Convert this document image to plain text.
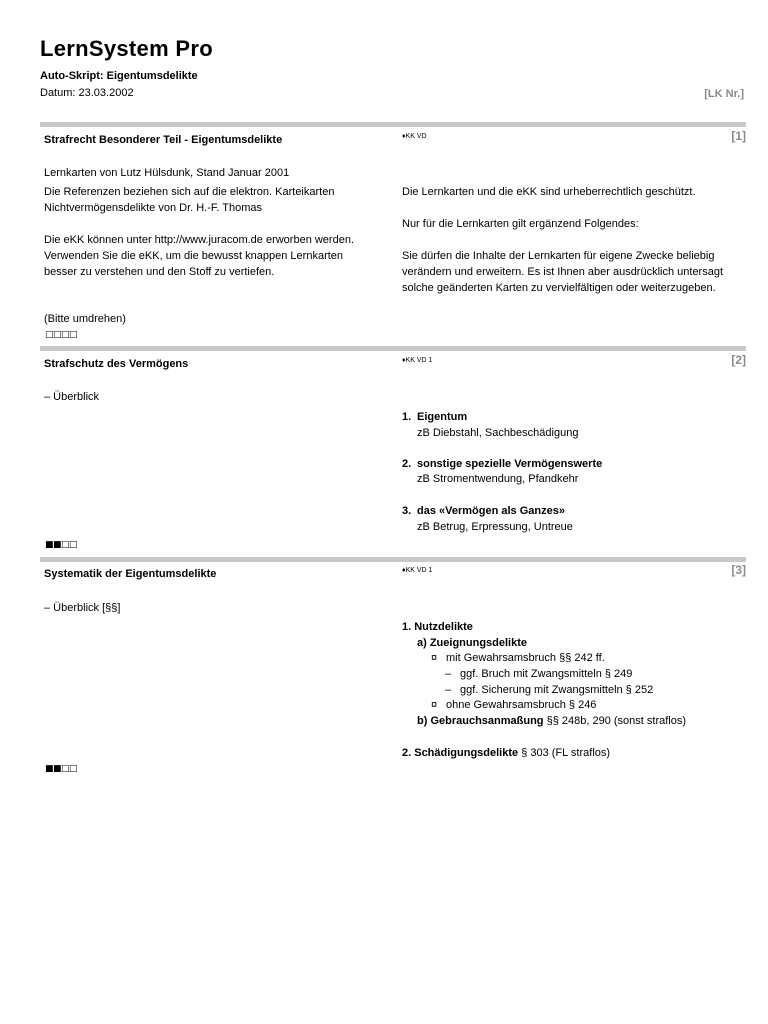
LernSystem Pro
Auto-Skript: Eigentumsdelikte
Datum: 23.03.2002	[LK Nr.]
Strafrecht Besonderer Teil - Eigentumsdelikte	♦KK VD	[1]
Lernkarten von Lutz Hülsdunk, Stand Januar 2001
Die Referenzen beziehen sich auf die elektron. Karteikarten
Nichtvermögensdelikte von Dr. H.-F. Thomas
Die eKK können unter http://www.juracom.de erworben werden.
Verwenden Sie die eKK, um die bewusst knappen Lernkarten
besser zu verstehen und den Stoff zu vertiefen.
(Bitte umdrehen)
Die Lernkarten und die eKK sind urheberrechtlich geschützt.
Nur für die Lernkarten gilt ergänzend Folgendes:
Sie dürfen die Inhalte der Lernkarten für eigene Zwecke beliebig
verändern und erweitern. Es ist Ihnen aber ausdrücklich untersagt
solche geänderten Karten zu vervielfältigen oder weiterzugeben.
□□□□
Strafschutz des Vermögens	♦KK VD 1	[2]
– Überblick
1. Eigentum
zB Diebstahl, Sachbeschädigung
2. sonstige spezielle Vermögenswerte
zB Stromentwendung, Pfandkehr
3. das «Vermögen als Ganzes»
zB Betrug, Erpressung, Untreue
■■□□
Systematik der Eigentumsdelikte	♦KK VD 1	[3]
– Überblick [§§]
1. Nutzdelikte
a) Zueignungsdelikte
¤ mit Gewahrsamsbruch §§ 242 ff.
– ggf. Bruch mit Zwangsmitteln § 249
– ggf. Sicherung mit Zwangsmitteln § 252
¤ ohne Gewahrsamsbruch § 246
b) Gebrauchsanmaßung §§ 248b, 290 (sonst straflos)
2. Schädigungsdelikte § 303 (FL straflos)
■■□□
